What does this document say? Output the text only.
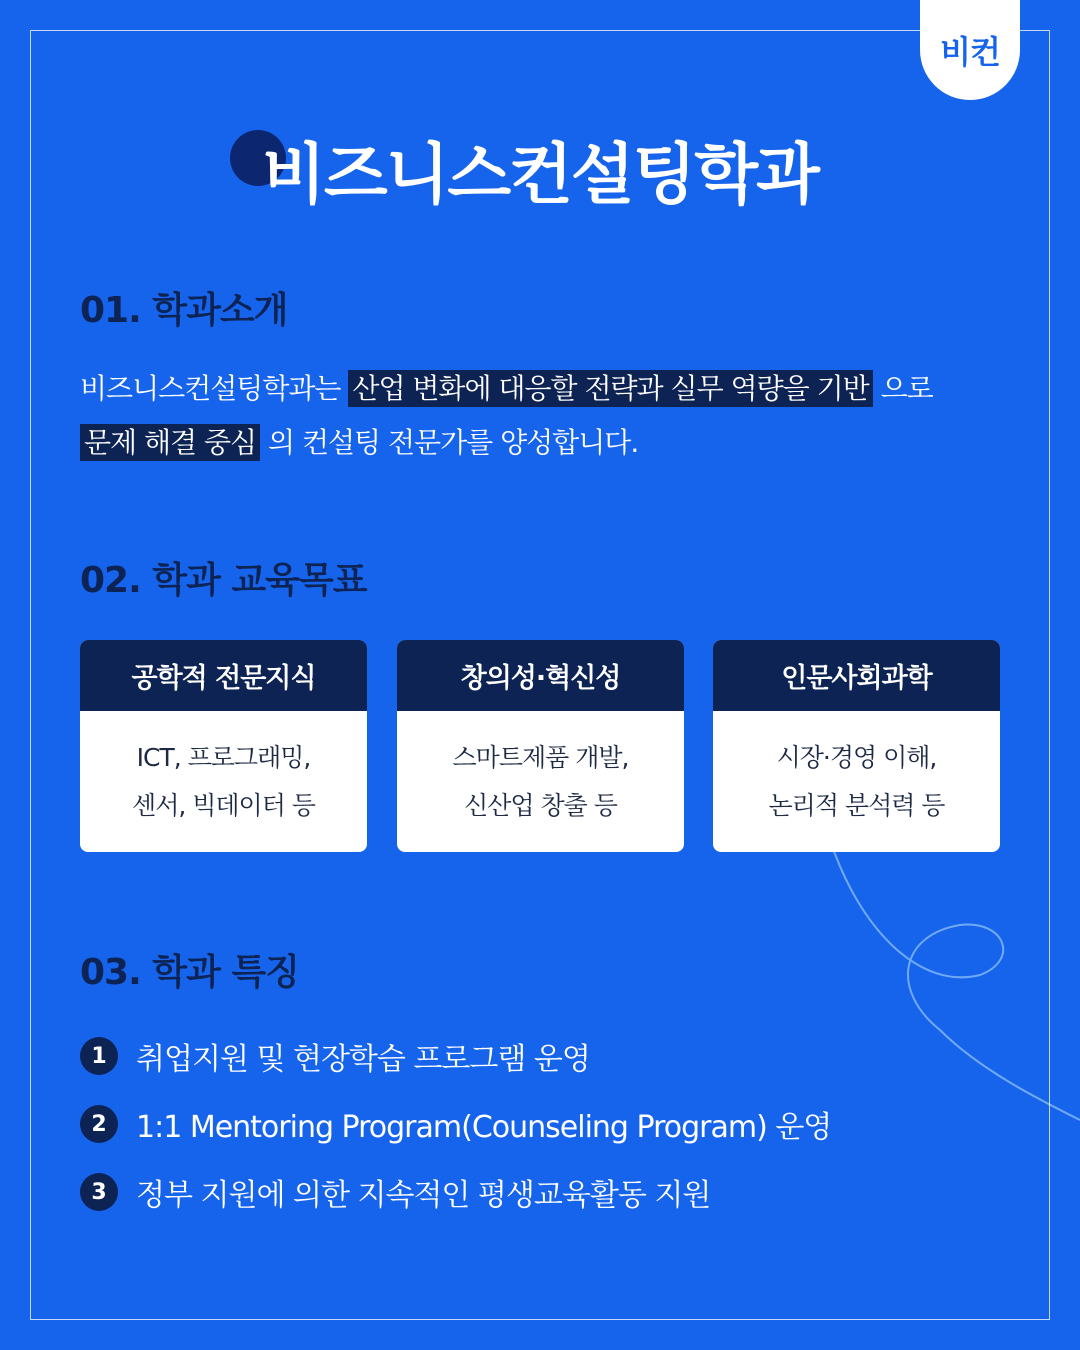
비컨
비즈니스컨설팅학과
01. 학과소개
비즈니스컨설팅학과는 산업 변화에 대응할 전략과 실무 역량을 기반 으로
문제 해결 중심 의 컨설팅 전문가를 양성합니다.
02. 학과 교육목표
공학적 전문지식
ICT, 프로그래밍,
센서, 빅데이터 등
창의성·혁신성
스마트제품 개발,
신산업 창출 등
인문사회과학
시장·경영 이해,
논리적 분석력 등
03. 학과 특징
1 취업지원 및 현장학습 프로그램 운영
2 1:1 Mentoring Program(Counseling Program) 운영
3 정부 지원에 의한 지속적인 평생교육활동 지원
